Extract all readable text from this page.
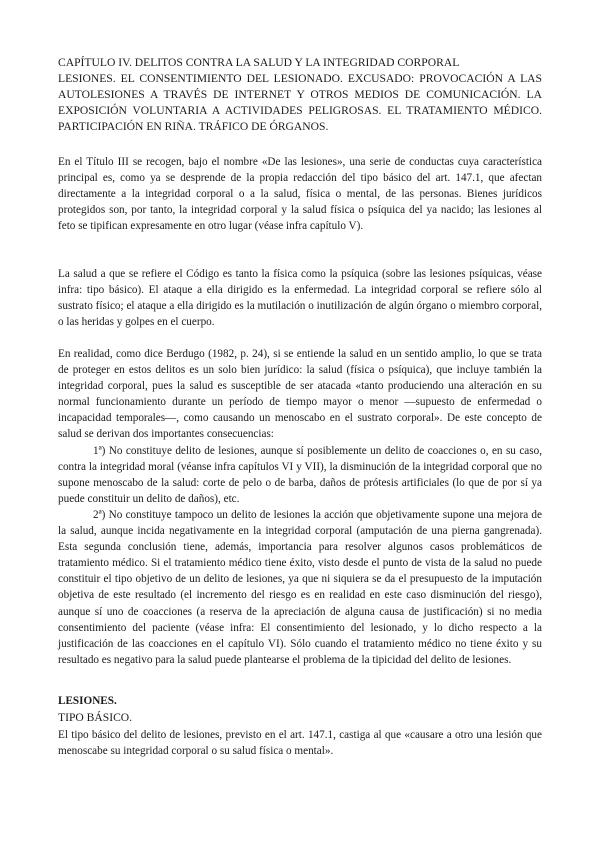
CAPÍTULO IV. DELITOS CONTRA LA SALUD Y LA INTEGRIDAD CORPORAL
LESIONES. EL CONSENTIMIENTO DEL LESIONADO. EXCUSADO: PROVOCACIÓN A LAS AUTOLESIONES A TRAVÉS DE INTERNET Y OTROS MEDIOS DE COMUNICACIÓN. LA EXPOSICIÓN VOLUNTARIA A ACTIVIDADES PELIGROSAS. EL TRATAMIENTO MÉDICO. PARTICIPACIÓN EN RIÑA. TRÁFICO DE ÓRGANOS.

En el Título III se recogen, bajo el nombre «De las lesiones», una serie de conductas cuya característica principal es, como ya se desprende de la propia redacción del tipo básico del art. 147.1, que afectan directamente a la integridad corporal o a la salud, física o mental, de las personas. Bienes jurídicos protegidos son, por tanto, la integridad corporal y la salud física o psíquica del ya nacido; las lesiones al feto se tipifican expresamente en otro lugar (véase infra capítulo V).

La salud a que se refiere el Código es tanto la física como la psíquica (sobre las lesiones psíquicas, véase infra: tipo básico). El ataque a ella dirigido es la enfermedad. La integridad corporal se refiere sólo al sustrato físico; el ataque a ella dirigido es la mutilación o inutilización de algún órgano o miembro corporal, o las heridas y golpes en el cuerpo.

En realidad, como dice Berdugo (1982, p. 24), si se entiende la salud en un sentido amplio, lo que se trata de proteger en estos delitos es un solo bien jurídico: la salud (física o psíquica), que incluye también la integridad corporal, pues la salud es susceptible de ser atacada «tanto produciendo una alteración en su normal funcionamiento durante un período de tiempo mayor o menor —supuesto de enfermedad o incapacidad temporales—, como causando un menoscabo en el sustrato corporal». De este concepto de salud se derivan dos importantes consecuencias:

1ª) No constituye delito de lesiones, aunque sí posiblemente un delito de coacciones o, en su caso, contra la integridad moral (véanse infra capítulos VI y VII), la disminución de la integridad corporal que no supone menoscabo de la salud: corte de pelo o de barba, daños de prótesis artificiales (lo que de por sí ya puede constituir un delito de daños), etc.

2ª) No constituye tampoco un delito de lesiones la acción que objetivamente supone una mejora de la salud, aunque incida negativamente en la integridad corporal (amputación de una pierna gangrenada). Esta segunda conclusión tiene, además, importancia para resolver algunos casos problemáticos de tratamiento médico. Si el tratamiento médico tiene éxito, visto desde el punto de vista de la salud no puede constituir el tipo objetivo de un delito de lesiones, ya que ni siquiera se da el presupuesto de la imputación objetiva de este resultado (el incremento del riesgo es en realidad en este caso disminución del riesgo), aunque sí uno de coacciones (a reserva de la apreciación de alguna causa de justificación) si no media consentimiento del paciente (véase infra: El consentimiento del lesionado, y lo dicho respecto a la justificación de las coacciones en el capítulo VI). Sólo cuando el tratamiento médico no tiene éxito y su resultado es negativo para la salud puede plantearse el problema de la tipicidad del delito de lesiones.

LESIONES.
TIPO BÁSICO.

El tipo básico del delito de lesiones, previsto en el art. 147.1, castiga al que «causare a otro una lesión que menoscabe su integridad corporal o su salud física o mental».
